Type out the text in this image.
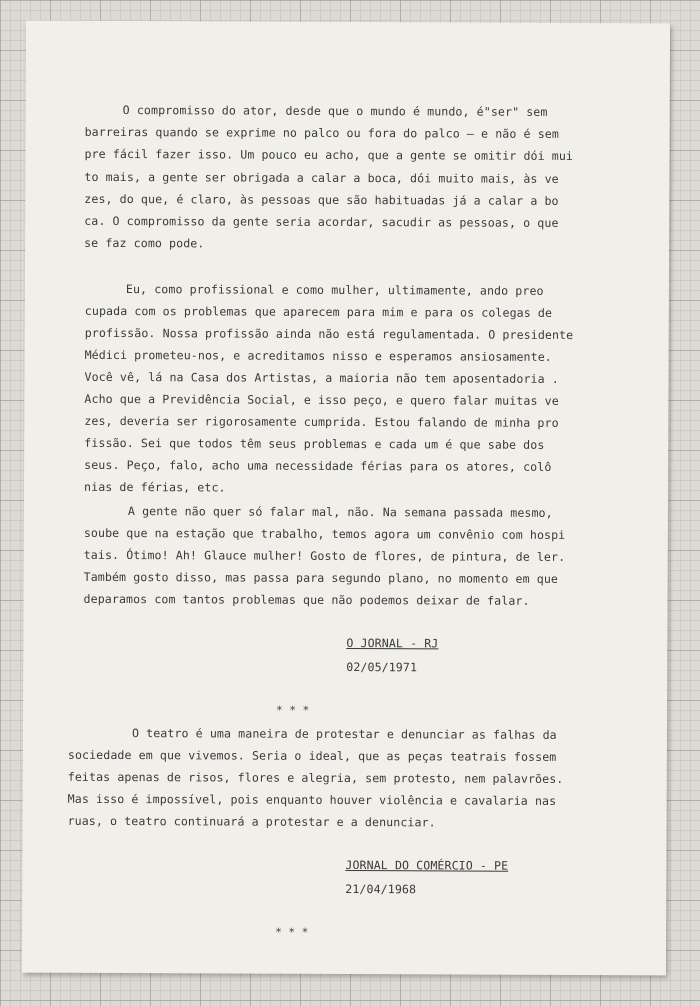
O compromisso do ator, desde que o mundo é mundo, é"ser" sem

barreiras quando se exprime no palco ou fora do palco — e não é sem

pre fácil fazer isso. Um pouco eu acho, que a gente se omitir dói mui

to mais, a gente ser obrigada a calar a boca, dói muito mais, às ve

zes, do que, é claro, às pessoas que são habituadas já a calar a bo

ca. O compromisso da gente seria acordar, sacudir as pessoas, o que

se faz como pode.

Eu, como profissional e como mulher, ultimamente, ando preo

cupada com os problemas que aparecem para mim e para os colegas de

profissão. Nossa profissão ainda não está regulamentada. O presidente

Médici prometeu-nos, e acreditamos nisso e esperamos ansiosamente.

Você vê, lá na Casa dos Artistas, a maioria não tem aposentadoria .

Acho que a Previdência Social, e isso peço, e quero falar muitas ve

zes, deveria ser rigorosamente cumprida. Estou falando de minha pro

fissão. Sei que todos têm seus problemas e cada um é que sabe dos

seus. Peço, falo, acho uma necessidade férias para os atores, colô

nias de férias, etc.

A gente não quer só falar mal, não. Na semana passada mesmo,

soube que na estação que trabalho, temos agora um convênio com hospi

tais. Ótimo! Ah! Glauce mulher! Gosto de flores, de pintura, de ler.

Também gosto disso, mas passa para segundo plano, no momento em que

deparamos com tantos problemas que não podemos deixar de falar.

O JORNAL - RJ

02/05/1971

* * *

O teatro é uma maneira de protestar e denunciar as falhas da

sociedade em que vivemos. Seria o ideal, que as peças teatrais fossem

feitas apenas de risos, flores e alegria, sem protesto, nem palavrões.

Mas isso é impossível, pois enquanto houver violência e cavalaria nas

ruas, o teatro continuará a protestar e a denunciar.

JORNAL DO COMÉRCIO - PE

21/04/1968

* * *
